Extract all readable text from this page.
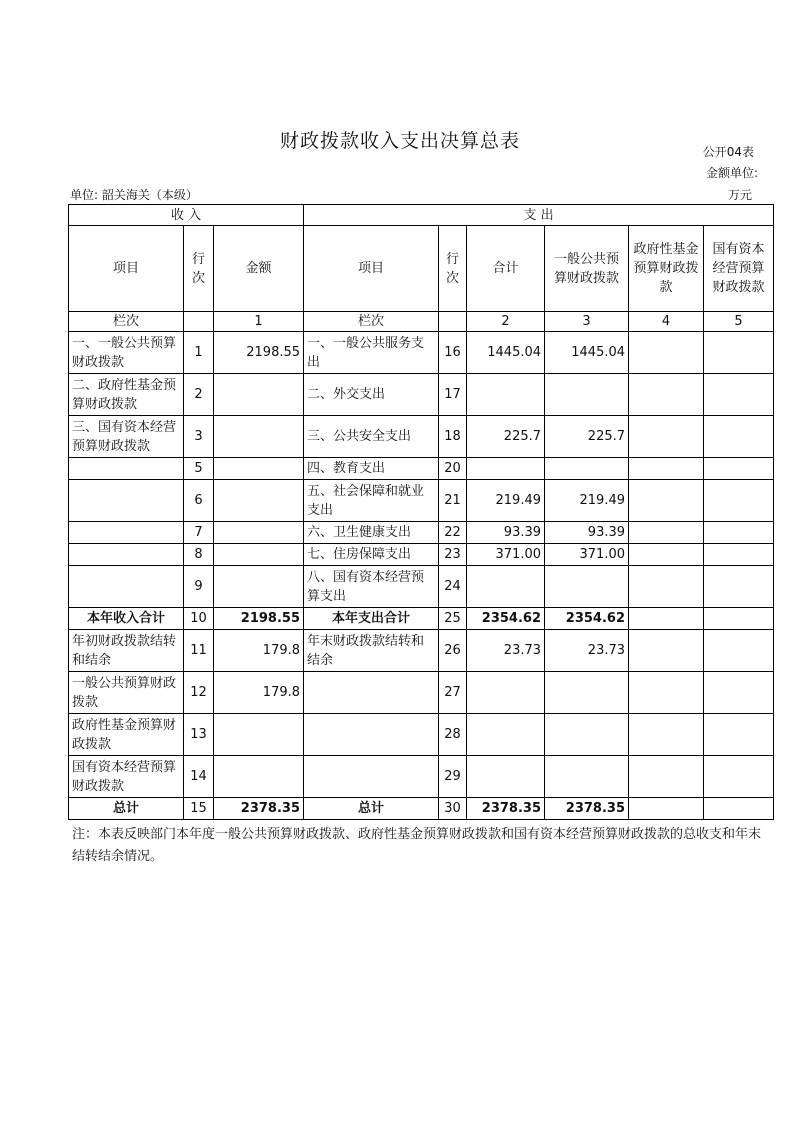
财政拨款收入支出决算总表	公开04表
金额单位:
单位: 韶关海关（本级）	万元
收 入			支 出					
项目	行次	金额	项目	行次	合计	一般公共预算财政拨款	政府性基金预算财政拨款	国有资本经营预算财政拨款
栏次		1	栏次		2	3	4	5
一、一般公共预算财政拨款	1	2198.55	一、一般公共服务支出	16	1445.04	1445.04		
二、政府性基金预算财政拨款	2		二、外交支出	17				
三、国有资本经营预算财政拨款	3		三、公共安全支出	18	225.7	225.7		
	5		四、教育支出	20				
	6		五、社会保障和就业支出	21	219.49	219.49		
	7		六、卫生健康支出	22	93.39	93.39		
	8		七、住房保障支出	23	371.00	371.00		
	9		八、国有资本经营预算支出	24				
本年收入合计	10	2198.55	本年支出合计	25	2354.62	2354.62		
年初财政拨款结转和结余	11	179.8	年末财政拨款结转和结余	26	23.73	23.73		
一般公共预算财政拨款	12	179.8		27				
政府性基金预算财政拨款	13			28				
国有资本经营预算财政拨款	14			29				
总计	15	2378.35	总计	30	2378.35	2378.35		
注：本表反映部门本年度一般公共预算财政拨款、政府性基金预算财政拨款和国有资本经营预算财政拨款的总收支和年末结转结余情况。
